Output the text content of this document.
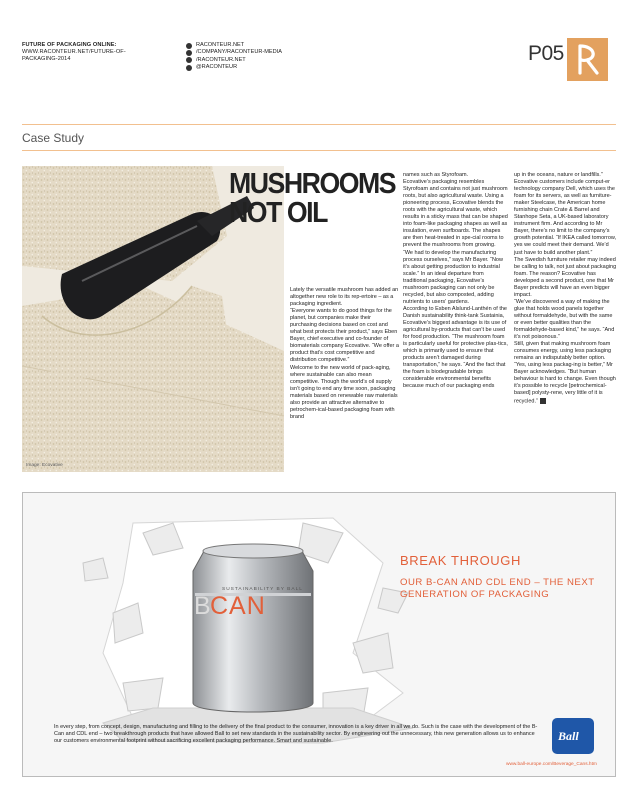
FUTURE OF PACKAGING ONLINE:
WWW.RACONTEUR.NET/FUTURE-OF-
PACKAGING-2014
RACONTEUR.NET
/COMPANY/RACONTEUR-MEDIA
/RACONTEUR.NET
@RACONTEUR
P05
Case Study
Image: Ecovative
MUSHROOMS
NOT OIL

Lately the versatile mushroom has added an altogether new role to its rep-ertoire – as a packaging ingredient.

“Everyone wants to do good things for the planet, but companies make their purchasing decisions based on cost and what best protects their product,” says Eben Bayer, chief executive and co-founder of biomaterials company Ecovative. “We offer a product that’s cost competitive and distribution competitive.”

Welcome to the new world of pack-aging, where sustainable can also mean competitive. Though the world’s oil supply isn’t going to end any time soon, packaging materials based on renewable raw materials also provide an attractive alternative to petrochem-ical-based packaging foam with brand

names such as Styrofoam.

Ecovative’s packaging resembles Styrofoam and contains not just mushroom roots, but also agricultural waste. Using a pioneering process, Ecovative blends the roots with the agricultural waste, which results in a sticky mass that can be shaped into foam-like packaging shapes as well as insulation, even surfboards. The shapes are then heat-treated in spe-cial rooms to prevent the mushrooms from growing.

“We had to develop the manufacturing process ourselves,” says Mr Bayer. “Now it’s about getting production to industrial scale.” In an ideal departure from traditional packaging, Ecovative’s mushroom packaging can not only be recycled, but also composted, adding nutrients to users’ gardens.

According to Esben Alslund-Lanthén of the Danish sustainability think-tank Sustainia, Ecovative’s biggest advantage is its use of agricultural by-products that can’t be used for food production. “The mushroom foam is particularly useful for protective plas-tics, which is primarily used to ensure that products aren’t damaged during transportation,” he says. “And the fact that the foam is biodegradable brings considerable environmental benefits because much of our packaging ends

up in the oceans, nature or landfills.”

Ecovative customers include comput-er technology company Dell, which uses the foam for its servers, as well as furniture-maker Steelcase, the American home furnishing chain Crate & Barrel and Stanhope Seta, a UK-based laboratory instrument firm. And according to Mr Bayer, there’s no limit to the company’s growth potential. “If IKEA called tomorrow, yes we could meet their demand. We’d just have to build another plant.”

The Swedish furniture retailer may indeed be calling to talk, not just about packaging foam. The reason? Ecovative has developed a second product, one that Mr Bayer predicts will have an even bigger impact.

“We’ve discovered a way of making the glue that holds wood panels together without formaldehyde, but with the same or even better qualities than the formaldehyde-based kind,” he says. “And it’s not poisonous.”

Still, given that making mushroom foam consumes energy, using less packaging remains an indisputably better option. “Yes, using less packag-ing is better,” Mr Bayer acknowledges. “But human behaviour is hard to change. Even though it’s possible to recycle [petrochemical-based] polysty-rene, very little of it is recycled.”

SUSTAINABILITY BY BALL
B CAN
BREAK THROUGH
OUR B-CAN AND CDL END – THE NEXT GENERATION OF PACKAGING
In every step, from concept, design, manufacturing and filling to the delivery of the final product to the consumer, innovation is a key driver in all we do. Such is the case with the development of the B-Can and CDL end – two breakthrough products that have allowed Ball to set new standards in the sustainability sector. By engineering out the unnecessary, this new generation allows us to enhance our customers environmental footprint without sacrificing excellent packaging performance. Smart and sustainable.	Ball
www.ball-europe.com/Beverage_Cans.htm
